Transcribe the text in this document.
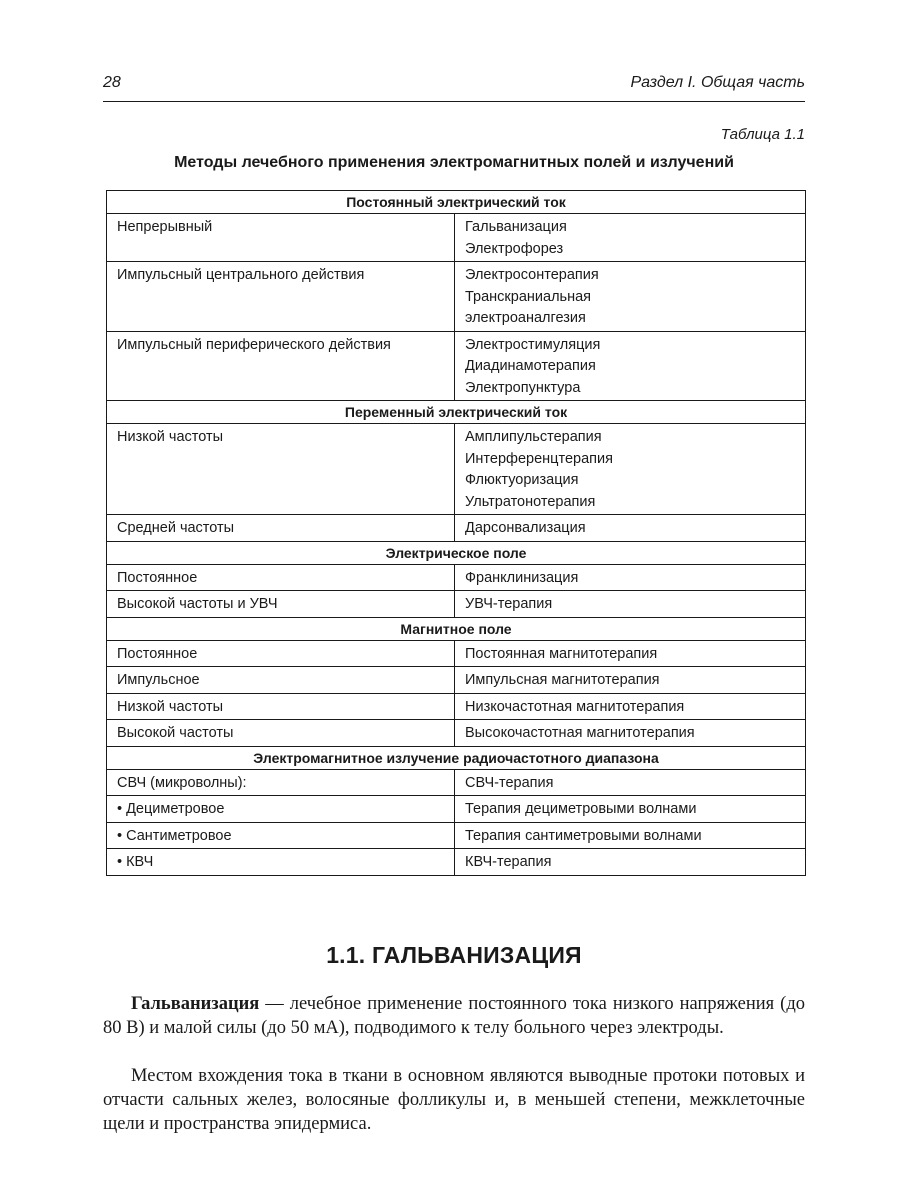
28	Раздел I. Общая часть
Таблица 1.1
Методы лечебного применения электромагнитных полей и излучений
Постоянный электрический ток	
Непрерывный	Гальванизация
Электрофорез

Импульсный центрального действия	Электросонтерапия
Транскраниальная
электроаналгезия

Импульсный периферического действия	Электростимуляция
Диадинамотерапия
Электропунктура

Переменный электрический ток	
Низкой частоты	Амплипульстерапия
Интерференцтерапия
Флюктуоризация
Ультратонотерапия

Средней частоты	Дарсонвализация

Электрическое поле	
Постоянное	Франклинизация

Высокой частоты и УВЧ	УВЧ-терапия

Магнитное поле	
Постоянное	Постоянная магнитотерапия

Импульсное	Импульсная магнитотерапия

Низкой частоты	Низкочастотная магнитотерапия

Высокой частоты	Высокочастотная магнитотерапия

Электромагнитное излучение радиочастотного диапазона	
СВЧ (микроволны):	СВЧ-терапия

• Дециметровое	Терапия дециметровыми волнами

• Сантиметровое	Терапия сантиметровыми волнами

• КВЧ	КВЧ-терапия
1.1. ГАЛЬВАНИЗАЦИЯ

Гальванизация — лечебное применение постоянного тока низкого напряжения (до 80 В) и малой силы (до 50 мА), подводимого к телу больного через электроды.

Местом вхождения тока в ткани в основном являются выводные протоки потовых и отчасти сальных желез, волосяные фолликулы и, в меньшей степени, межклеточные щели и пространства эпидермиса.
